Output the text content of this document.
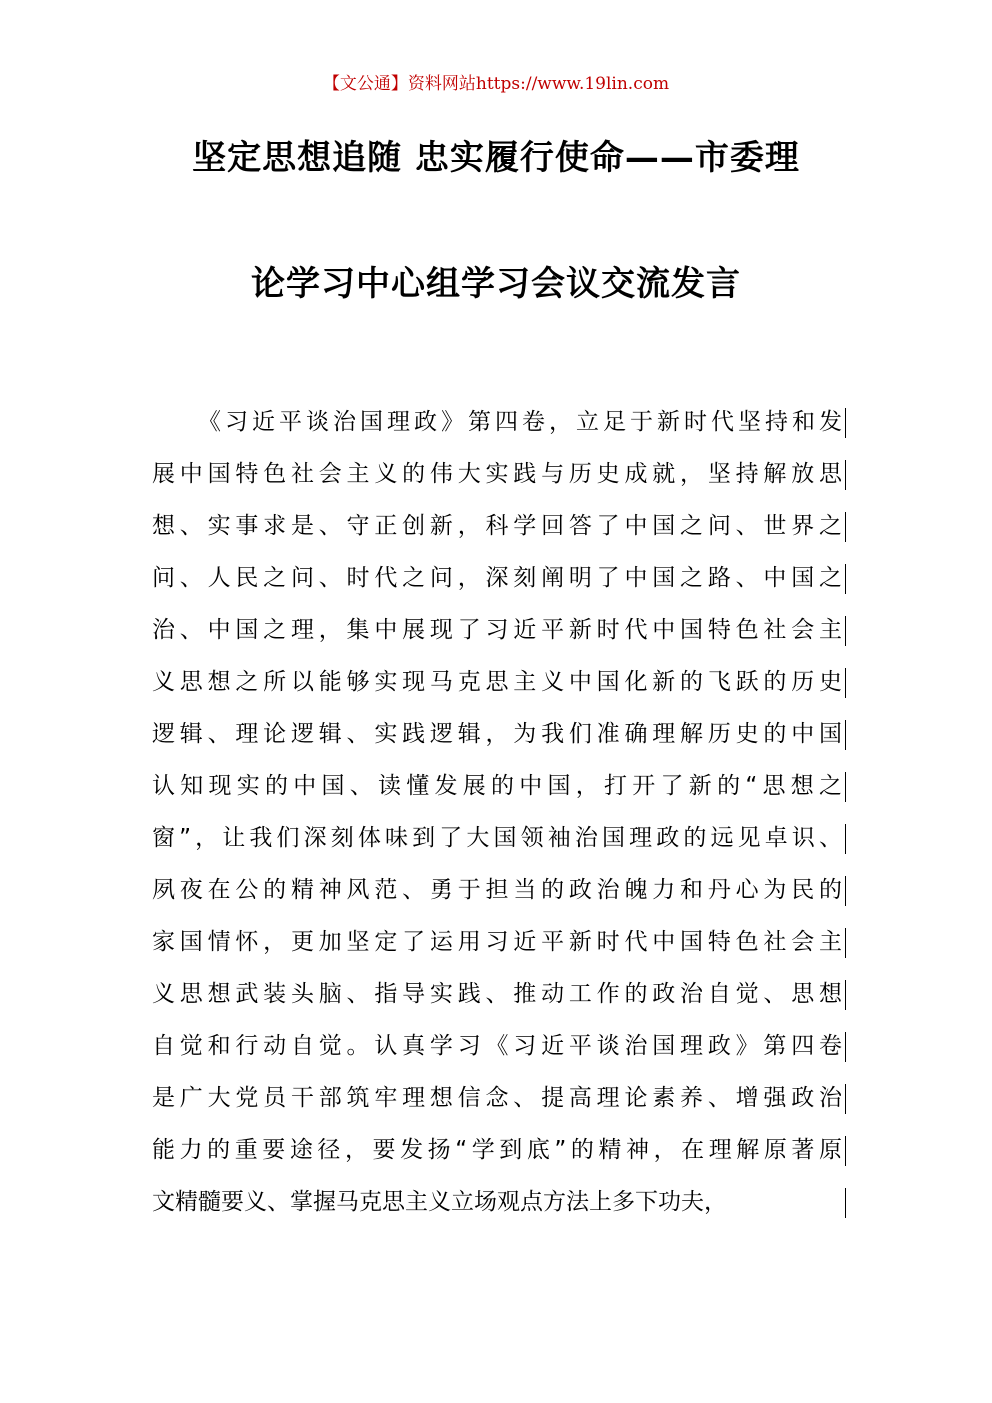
【文公通】资料网站https://www.19lin.com
坚定思想追随 忠实履行使命——市委理
论学习中心组学习会议交流发言
《习近平谈治国理政》第四卷，立足于新时代坚持和发
展中国特色社会主义的伟大实践与历史成就，坚持解放思
想、实事求是、守正创新，科学回答了中国之问、世界之
问、人民之问、时代之问，深刻阐明了中国之路、中国之
治、中国之理，集中展现了习近平新时代中国特色社会主
义思想之所以能够实现马克思主义中国化新的飞跃的历史
逻辑、理论逻辑、实践逻辑，为我们准确理解历史的中国
认知现实的中国、读懂发展的中国，打开了新的“思想之
窗”，让我们深刻体味到了大国领袖治国理政的远见卓识、
夙夜在公的精神风范、勇于担当的政治魄力和丹心为民的
家国情怀，更加坚定了运用习近平新时代中国特色社会主
义思想武装头脑、指导实践、推动工作的政治自觉、思想
自觉和行动自觉。认真学习《习近平谈治国理政》第四卷
是广大党员干部筑牢理想信念、提高理论素养、增强政治
能力的重要途径，要发扬“学到底”的精神，在理解原著原
文精髓要义、掌握马克思主义立场观点方法上多下功夫，
